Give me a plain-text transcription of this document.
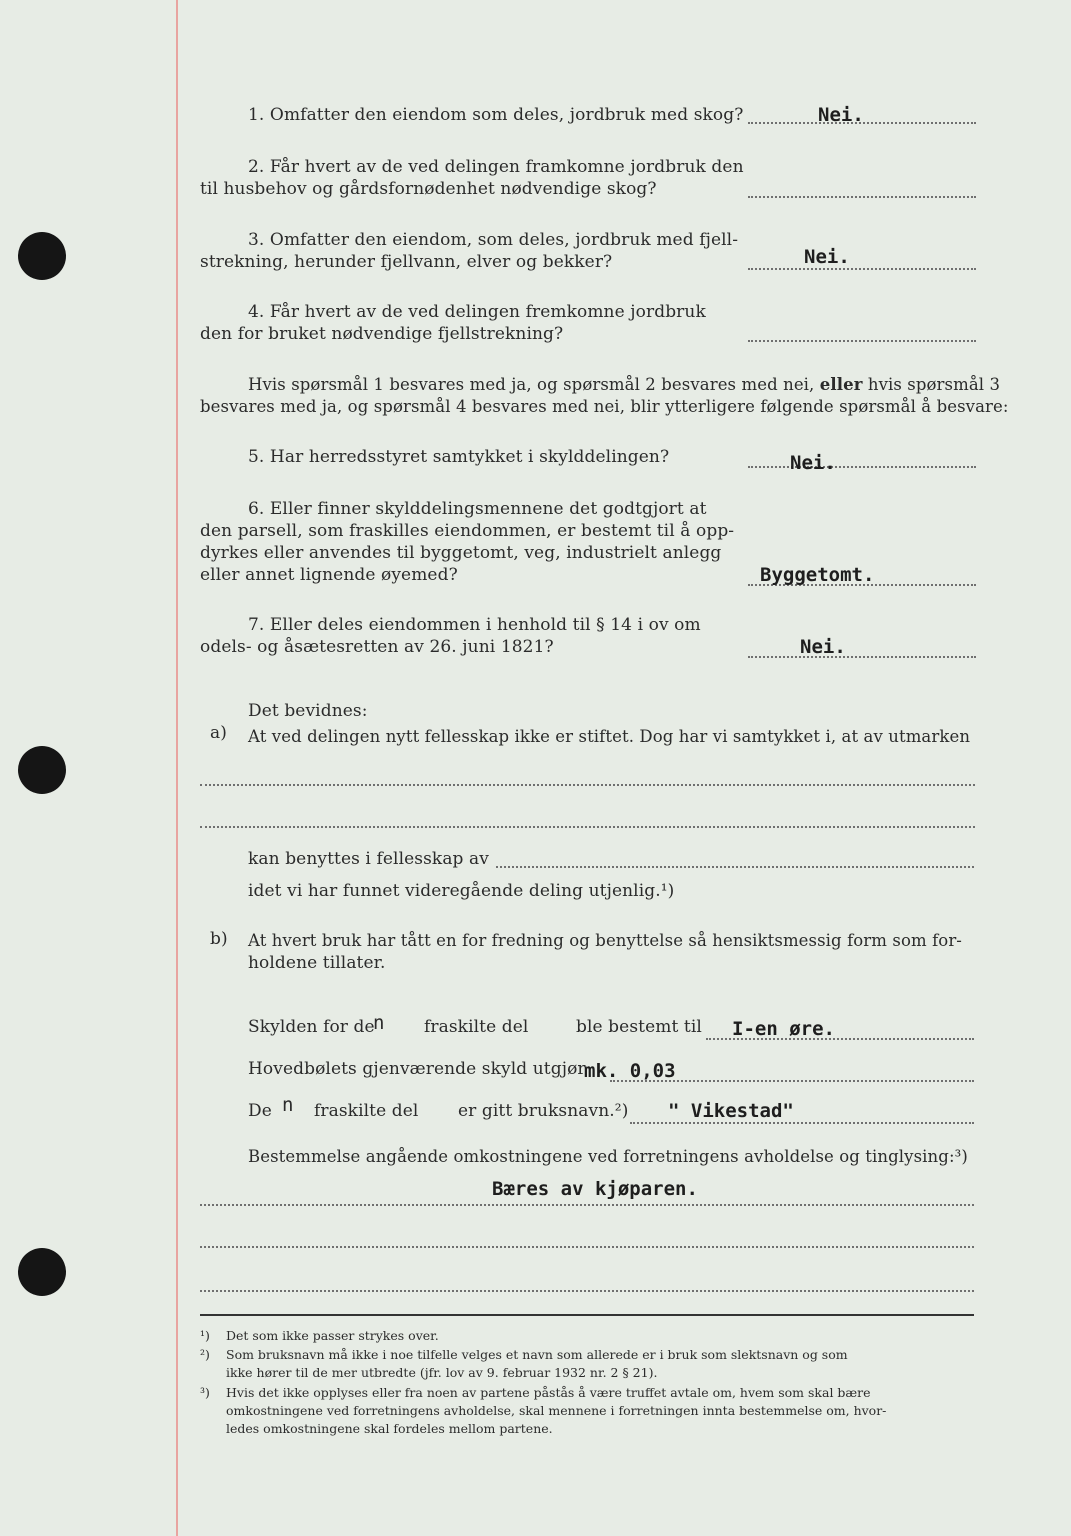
1. Omfatter den eiendom som deles, jordbruk med skog?	Nei.
2. Får hvert av de ved delingen framkomne jordbruk den
til husbehov og gårdsfornødenhet nødvendige skog?
3. Omfatter den eiendom, som deles, jordbruk med fjell-
strekning, herunder fjellvann, elver og bekker?	Nei.
4. Får hvert av de ved delingen fremkomne jordbruk
den for bruket nødvendige fjellstrekning?
Hvis spørsmål 1 besvares med ja, og spørsmål 2 besvares med nei, eller hvis spørsmål 3
besvares med ja, og spørsmål 4 besvares med nei, blir ytterligere følgende spørsmål å besvare:
5. Har herredsstyret samtykket i skylddelingen?	Nei.
6. Eller finner skylddelingsmennene det godtgjort at
den parsell, som fraskilles eiendommen, er bestemt til å opp-
dyrkes eller anvendes til byggetomt, veg, industrielt anlegg
eller annet lignende øyemed?	Byggetomt.
7. Eller deles eiendommen i henhold til § 14 i ov om
odels- og åsætesretten av 26. juni 1821?	Nei.
Det bevidnes:
a) At ved delingen nytt fellesskap ikke er stiftet. Dog har vi samtykket i, at av utmarken
kan benyttes i fellesskap av
idet vi har funnet videregående deling utjenlig.¹)
b) At hvert bruk har tått en for fredning og benyttelse så hensiktsmessig form som for-
holdene tillater.
Skylden for de
n fraskilte del	ble bestemt til I-en øre.
Hovedbølets gjenværende skyld utgjør
mk. 0,03
De n fraskilte del er gitt bruksnavn.²) " Vikestad"
Bestemmelse angående omkostningene ved forretningens avholdelse og tinglysing:³)
Bæres av kjøparen.
¹) Det som ikke passer strykes over.
²) Som bruksnavn må ikke i noe tilfelle velges et navn som allerede er i bruk som slektsnavn og som
ikke hører til de mer utbredte (jfr. lov av 9. februar 1932 nr. 2 § 21).
³) Hvis det ikke opplyses eller fra noen av partene påstås å være truffet avtale om, hvem som skal bære
omkostningene ved forretningens avholdelse, skal mennene i forretningen innta bestemmelse om, hvor-
ledes omkostningene skal fordeles mellom partene.
